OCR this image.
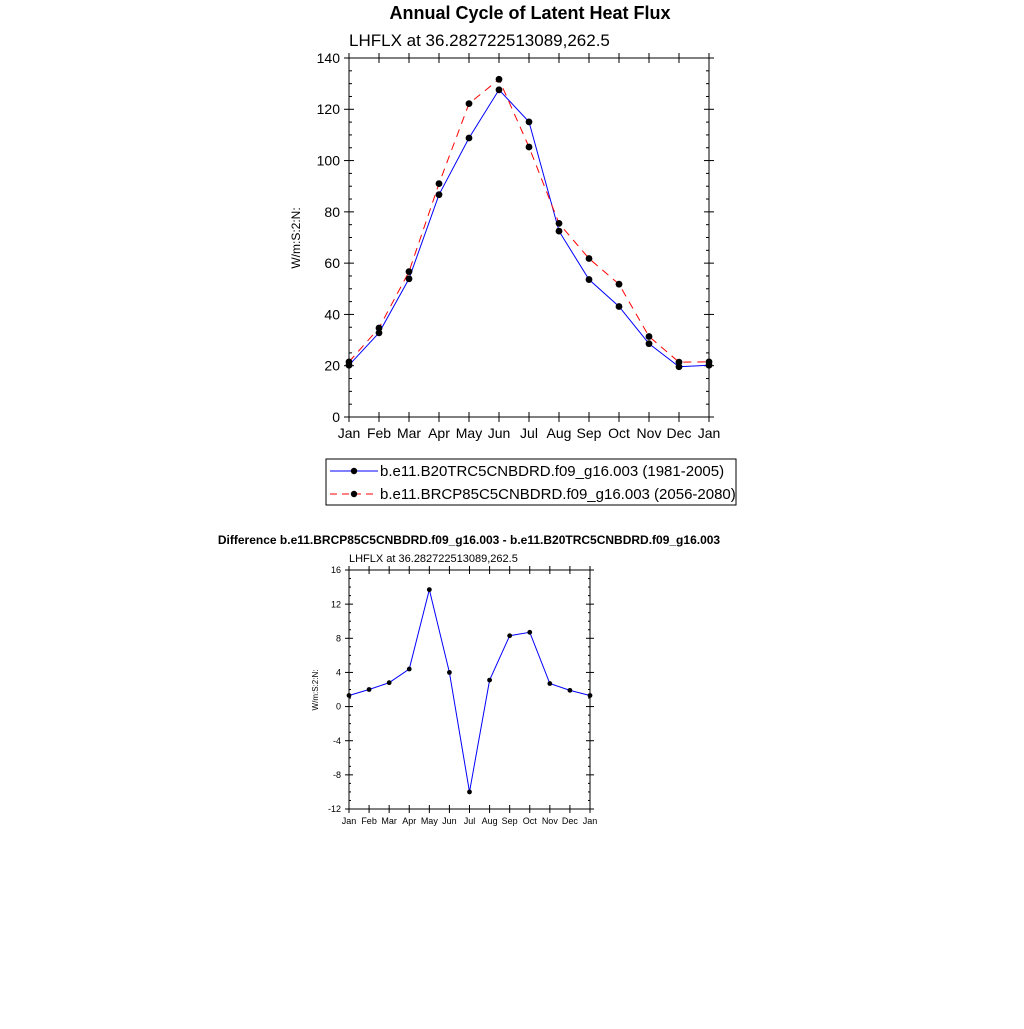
Annual Cycle of Latent Heat Flux
LHFLX at 36.282722513089,262.5
W/m:S:2:N:
0
20
40
60
80
100
120
140
Jan Feb Mar Apr May Jun Jul Aug Sep Oct Nov Dec Jan
b.e11.B20TRC5CNBDRD.f09_g16.003 (1981-2005)
b.e11.BRCP85C5CNBDRD.f09_g16.003 (2056-2080)
Difference b.e11.BRCP85C5CNBDRD.f09_g16.003 - b.e11.B20TRC5CNBDRD.f09_g16.003
LHFLX at 36.282722513089,262.5
W/m:S:2:N:
-12
-8
-4
0
4
8
12
16
Jan Feb Mar Apr May Jun Jul Aug Sep Oct Nov Dec Jan
